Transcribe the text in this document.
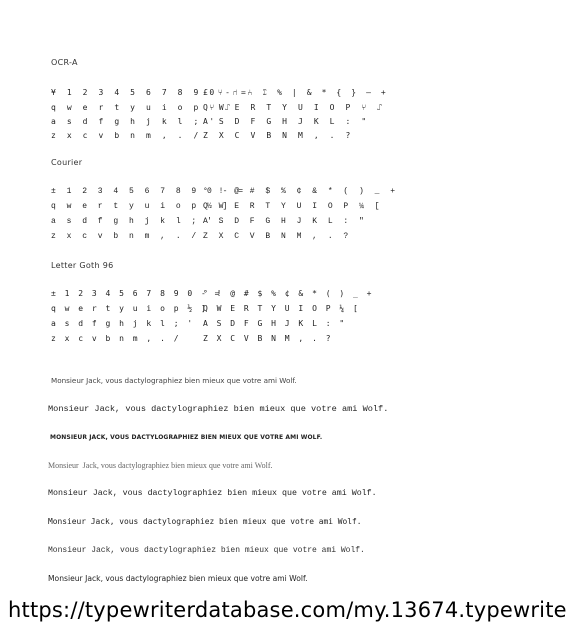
OCR-A
¥ 1 2 3 4 5 6 7 8 9 0 - =
q w e r t y u i o p ⑂ ⑀
a s d f g h j k l ; '
z x c v b n m , . /
£ ⑂ ⑁ ⑃ ⑄ % | & * { } — +
Q W E R T Y U I O P ⑂ ⑀
A S D F G H J K L : "
Z X C V B N M , . ?
Courier
± 1 2 3 4 5 6 7 8 9 0 - =
q w e r t y u i o p ½ ]
a s d f g h j k l ; '
z x c v b n m , . /
° ! @ # $ % ¢ & * ( ) _ +
Q W E R T Y U I O P ¼ [
A S D F G H J K L : "
Z X C V B N M , . ?
Letter Goth 96
± 1 2 3 4 5 6 7 8 9 0 - =
q w e r t y u i o p ½ ]
a s d f g h j k l ; '
z x c v b n m , . /
° ! @ # $ % ¢ & * ( ) _ +
Q W E R T Y U I O P ¼ [
A S D F G H J K L : "
Z X C V B N M , . ?
Monsieur Jack, vous dactylographiez bien mieux que votre ami Wolf.
Monsieur Jack, vous dactylographiez bien mieux que votre ami Wolf.
MONSIEUR JACK, VOUS DACTYLOGRAPHIEZ BIEN MIEUX QUE VOTRE AMI WOLF.
Monsieur  Jack, vous dactylographiez bien mieux que votre ami Wolf.
Monsieur Jack, vous dactylographiez bien mieux que votre ami Wolf.
Monsieur Jack, vous dactylographiez bien mieux que votre ami Wolf.
Monsieur Jack, vous dactylographiez bien mieux que votre ami Wolf.
Monsieur Jack, vous dactylographiez bien mieux que votre ami Wolf.
https://typewriterdatabase.com/my.13674.typewrite
